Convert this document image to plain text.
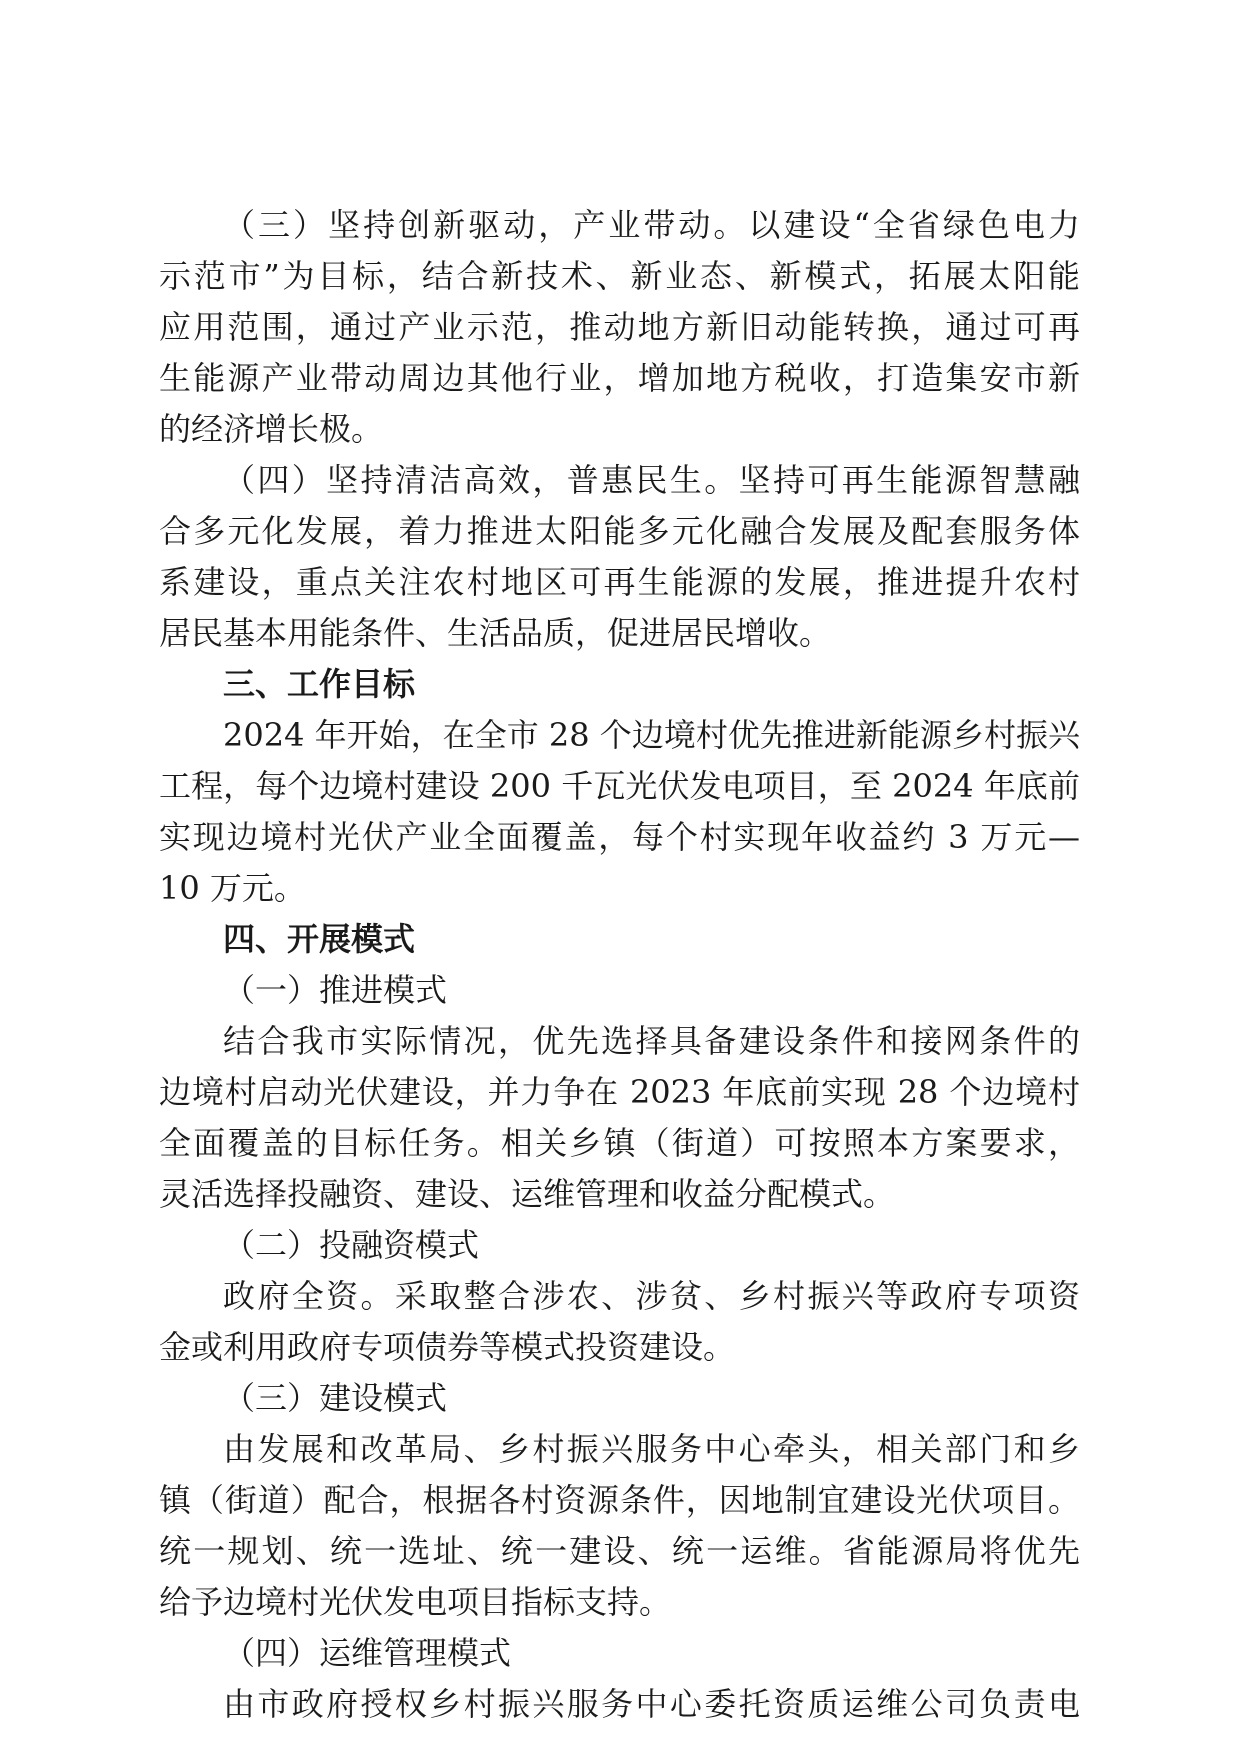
（三）坚持创新驱动，产业带动。以建设“全省绿色电力
示范市”为目标，结合新技术、新业态、新模式，拓展太阳能
应用范围，通过产业示范，推动地方新旧动能转换，通过可再
生能源产业带动周边其他行业，增加地方税收，打造集安市新
的经济增长极。
（四）坚持清洁高效，普惠民生。坚持可再生能源智慧融
合多元化发展，着力推进太阳能多元化融合发展及配套服务体
系建设，重点关注农村地区可再生能源的发展，推进提升农村
居民基本用能条件、生活品质，促进居民增收。
三、工作目标
2024 年开始，在全市 28 个边境村优先推进新能源乡村振兴
工程，每个边境村建设 200 千瓦光伏发电项目，至 2024 年底前
实现边境村光伏产业全面覆盖，每个村实现年收益约 3 万元—
10 万元。
四、开展模式
（一）推进模式
结合我市实际情况，优先选择具备建设条件和接网条件的
边境村启动光伏建设，并力争在 2023 年底前实现 28 个边境村
全面覆盖的目标任务。相关乡镇（街道）可按照本方案要求，
灵活选择投融资、建设、运维管理和收益分配模式。
（二）投融资模式
政府全资。采取整合涉农、涉贫、乡村振兴等政府专项资
金或利用政府专项债券等模式投资建设。
（三）建设模式
由发展和改革局、乡村振兴服务中心牵头，相关部门和乡
镇（街道）配合，根据各村资源条件，因地制宜建设光伏项目。
统一规划、统一选址、统一建设、统一运维。省能源局将优先
给予边境村光伏发电项目指标支持。
（四）运维管理模式
由市政府授权乡村振兴服务中心委托资质运维公司负责电
